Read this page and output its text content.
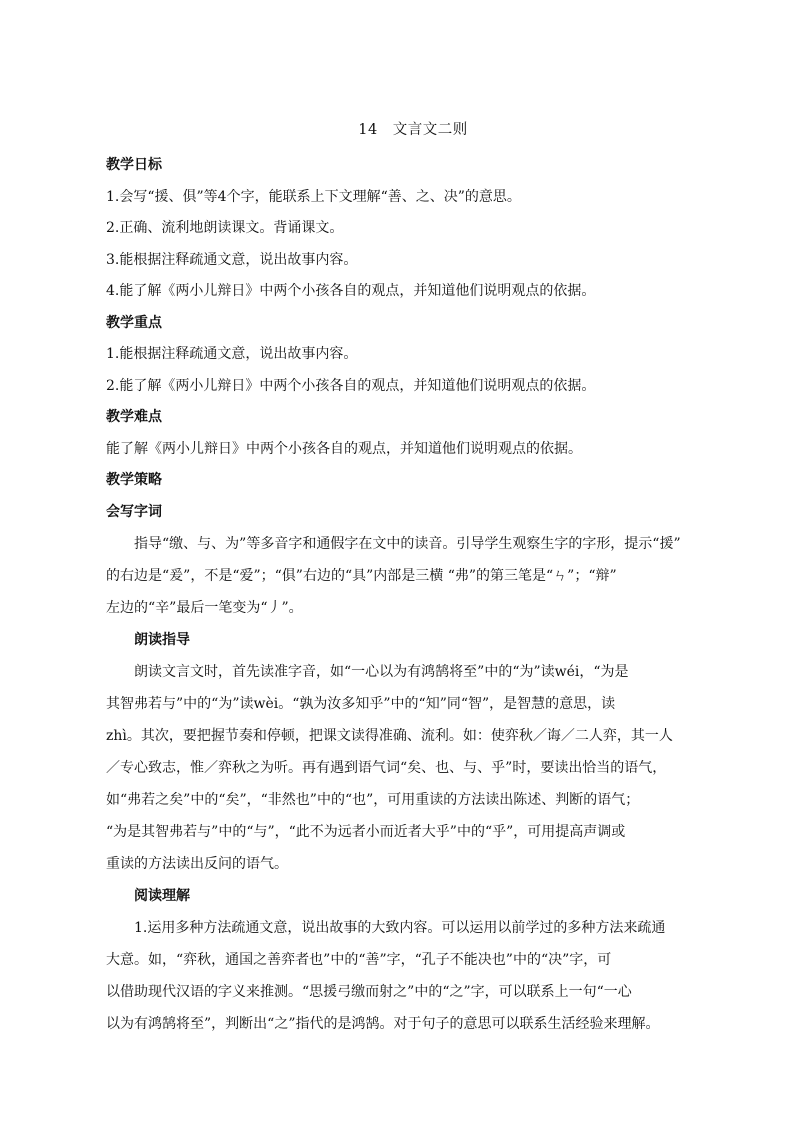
14 文言文二则
教学日标
1.会写“援、俱”等4个字，能联系上下文理解“善、之、决”的意思。
2.正确、流利地朗读课文。背诵课文。
3.能根据注释疏通文意，说出故事内容。
4.能了解《两小儿辩日》中两个小孩各自的观点，并知道他们说明观点的依据。
教学重点
1.能根据注释疏通文意，说出故事内容。
2.能了解《两小儿辩日》中两个小孩各自的观点，并知道他们说明观点的依据。
教学难点
能了解《两小儿辩日》中两个小孩各自的观点，并知道他们说明观点的依据。
教学策略
会写字词
指导“缴、与、为”等多音字和通假字在文中的读音。引导学生观察生字的字形，提示“援”
的右边是“爰”，不是“爱”；“俱”右边的“具”内部是三横 “弗”的第三笔是“ㄣ”；“辩”
左边的“辛”最后一笔变为“丿”。
朗读指导
朗读文言文时，首先读准字音，如“一心以为有鸿鹄将至”中的“为”读wéi，“为是
其智弗若与”中的“为”读wèi。“孰为汝多知乎”中的“知”同“智”，是智慧的意思，读
zhì。其次，要把握节奏和停顿，把课文读得准确、流利。如：使弈秋／诲／二人弈，其一人
／专心致志，惟／弈秋之为听。再有遇到语气词“矣、也、与、乎”时，要读出恰当的语气，
如“弗若之矣”中的“矣”，“非然也”中的“也”，可用重读的方法读出陈述、判断的语气；
“为是其智弗若与”中的“与”，“此不为远者小而近者大乎”中的“乎”，可用提高声调或
重读的方法读出反问的语气。
阅读理解
1.运用多种方法疏通文意，说出故事的大致内容。可以运用以前学过的多种方法来疏通
大意。如，“弈秋，通国之善弈者也”中的“善”字，“孔子不能决也”中的“决”字，可
以借助现代汉语的字义来推测。“思援弓缴而射之”中的“之”字，可以联系上一句“一心
以为有鸿鹄将至”，判断出“之”指代的是鸿鹄。对于句子的意思可以联系生活经验来理解。
